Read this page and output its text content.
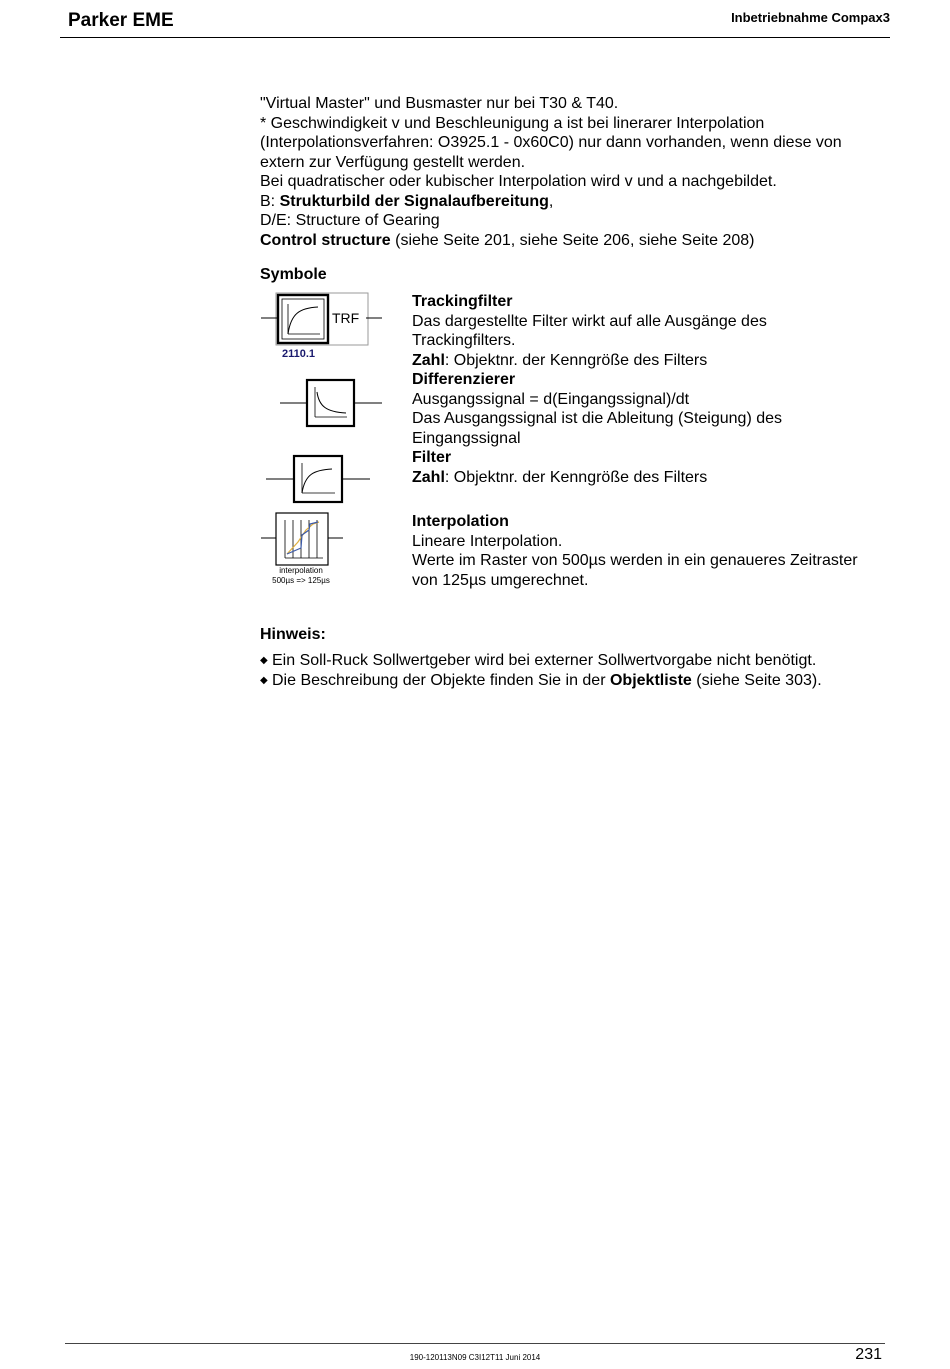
Parker EME	Inbetriebnahme Compax3
"Virtual Master" und Busmaster nur bei T30 & T40.
* Geschwindigkeit v und Beschleunigung a ist bei linerarer Interpolation
(Interpolationsverfahren: O3925.1 - 0x60C0) nur dann vorhanden, wenn diese von
extern zur Verfügung gestellt werden.
Bei quadratischer oder kubischer Interpolation wird v und a nachgebildet.
B: Strukturbild der Signalaufbereitung,
D/E: Structure of Gearing
Control structure (siehe Seite 201, siehe Seite 206, siehe Seite 208)
Symbole
TRF
2110.1
interpolation
500µs => 125µs
Trackingfilter
Das dargestellte Filter wirkt auf alle Ausgänge des
Trackingfilters.
Zahl: Objektnr. der Kenngröße des Filters
Differenzierer
Ausgangssignal = d(Eingangssignal)/dt
Das Ausgangssignal ist die Ableitung (Steigung) des
Eingangssignal
Filter
Zahl: Objektnr. der Kenngröße des Filters
Interpolation
Lineare Interpolation.
Werte im Raster von 500µs werden in ein genaueres Zeitraster
von 125µs umgerechnet.
Hinweis:
◆ Ein Soll-Ruck Sollwertgeber wird bei externer Sollwertvorgabe nicht benötigt.
◆ Die Beschreibung der Objekte finden Sie in der Objektliste (siehe Seite 303).
190-120113N09 C3I12T11 Juni 2014	231
